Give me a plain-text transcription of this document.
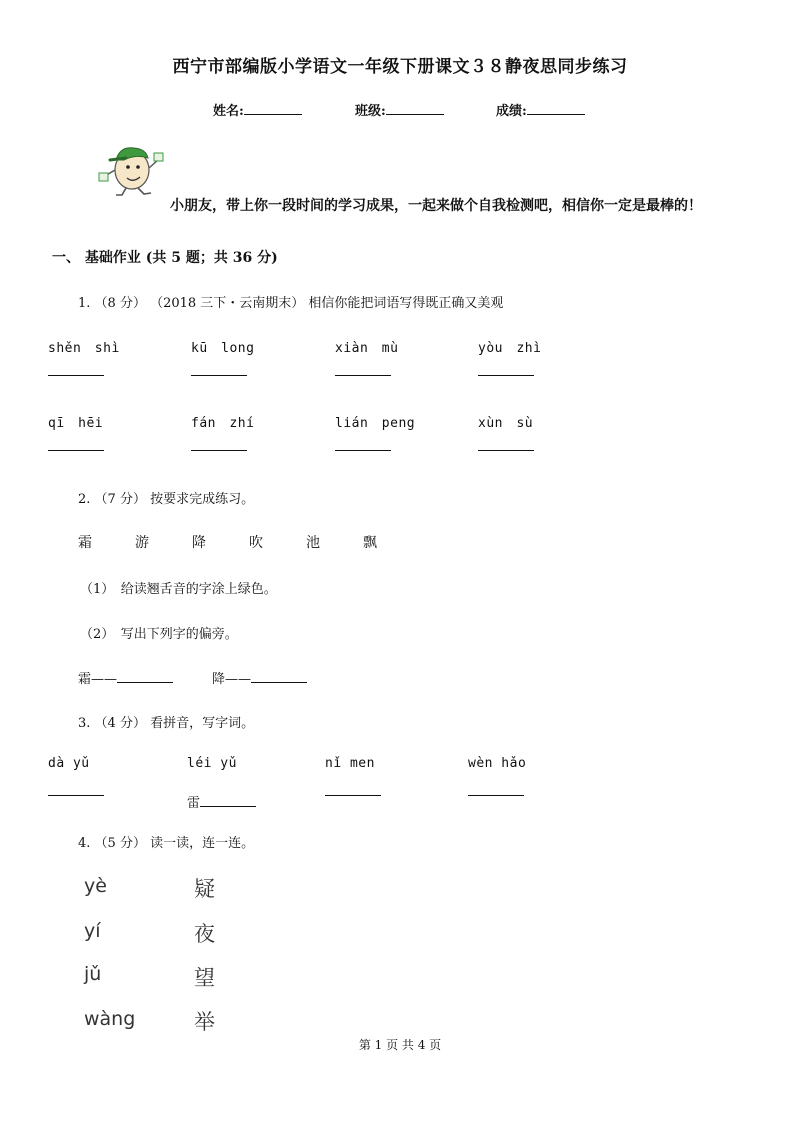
西宁市部编版小学语文一年级下册课文３８静夜思同步练习
姓名:	班级:	成绩:
小朋友，带上你一段时间的学习成果，一起来做个自我检测吧，相信你一定是最棒的！
一、 基础作业 (共 5 题；共 36 分)
1. （8 分） （2018 三下・云南期末） 相信你能把词语写得既正确又美观
shěn　shì	kū　long	xiàn　mù	yòu　zhì
qī　hēi	fán　zhí	lián　peng	xùn　sù
2. （7 分） 按要求完成练习。
霜	游	降	吹	池	飘
（1）　给读翘舌音的字涂上绿色。
（2）　写出下列字的偏旁。
霜——	降——
3. （4 分） 看拼音，写字词。
dà yǔ	léi yǔ	nǐ men	wèn hǎo
雷
4. （5 分） 读一读，连一连。
yè
yí
jǔ
wàng
疑
夜
望
举
第 1 页 共 4 页
